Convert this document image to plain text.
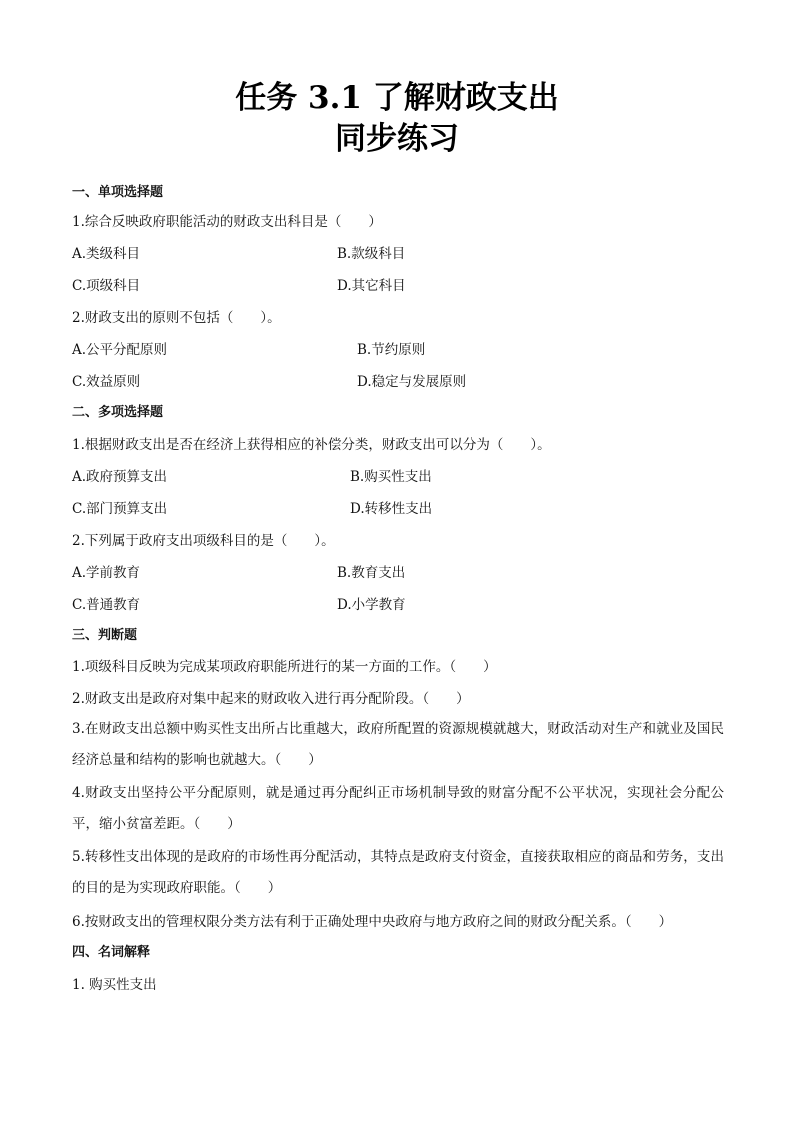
任务 3.1 了解财政支出
同步练习
一、单项选择题
1.综合反映政府职能活动的财政支出科目是（　　）
A.类级科目	B.款级科目
C.项级科目	D.其它科目
2.财政支出的原则不包括（　　）。
A.公平分配原则	B.节约原则
C.效益原则	D.稳定与发展原则
二、多项选择题
1.根据财政支出是否在经济上获得相应的补偿分类，财政支出可以分为（　　）。
A.政府预算支出	B.购买性支出
C.部门预算支出	D.转移性支出
2.下列属于政府支出项级科目的是（　　）。
A.学前教育	B.教育支出
C.普通教育	D.小学教育
三、判断题
1.项级科目反映为完成某项政府职能所进行的某一方面的工作。（　　）
2.财政支出是政府对集中起来的财政收入进行再分配阶段。（　　）
3.在财政支出总额中购买性支出所占比重越大，政府所配置的资源规模就越大，财政活动对生产和就业及国民经济总量和结构的影响也就越大。（　　）
4.财政支出坚持公平分配原则，就是通过再分配纠正市场机制导致的财富分配不公平状况，实现社会分配公平，缩小贫富差距。（　　）
5.转移性支出体现的是政府的市场性再分配活动，其特点是政府支付资金，直接获取相应的商品和劳务，支出的目的是为实现政府职能。（　　）
6.按财政支出的管理权限分类方法有利于正确处理中央政府与地方政府之间的财政分配关系。（　　）
四、名词解释
1. 购买性支出
